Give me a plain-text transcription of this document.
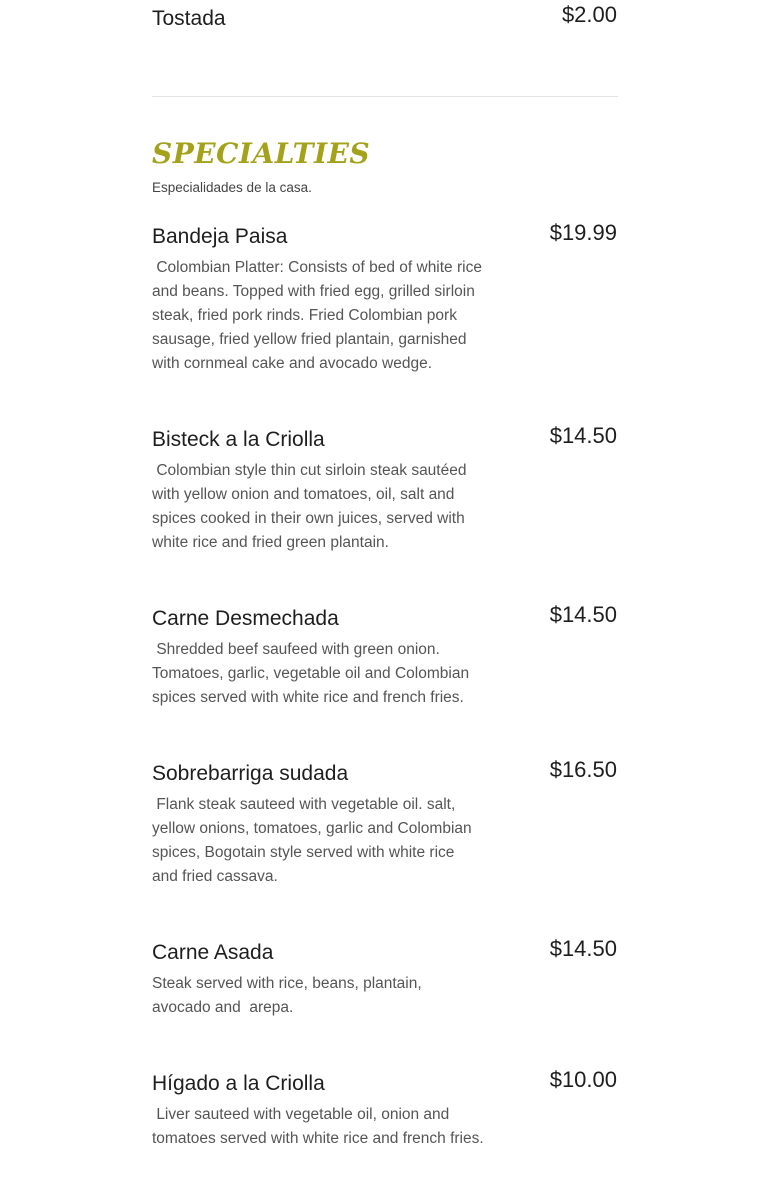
Tostada	$2.00
SPECIALTIES
Especialidades de la casa.
Bandeja Paisa	$19.99
Colombian Platter: Consists of bed of white rice and beans. Topped with fried egg, grilled sirloin steak, fried pork rinds. Fried Colombian pork sausage, fried yellow fried plantain, garnished with cornmeal cake and avocado wedge.
Bisteck a la Criolla	$14.50
Colombian style thin cut sirloin steak sautéed with yellow onion and tomatoes, oil, salt and spices cooked in their own juices, served with white rice and fried green plantain.
Carne Desmechada	$14.50
Shredded beef saufeed with green onion. Tomatoes, garlic, vegetable oil and Colombian spices served with white rice and french fries.
Sobrebarriga sudada	$16.50
Flank steak sauteed with vegetable oil. salt, yellow onions, tomatoes, garlic and Colombian spices, Bogotain style served with white rice and fried cassava.
Carne Asada	$14.50
Steak served with rice, beans, plantain, avocado and  arepa.
Hígado a la Criolla	$10.00
Liver sauteed with vegetable oil, onion and tomatoes served with white rice and french fries.
